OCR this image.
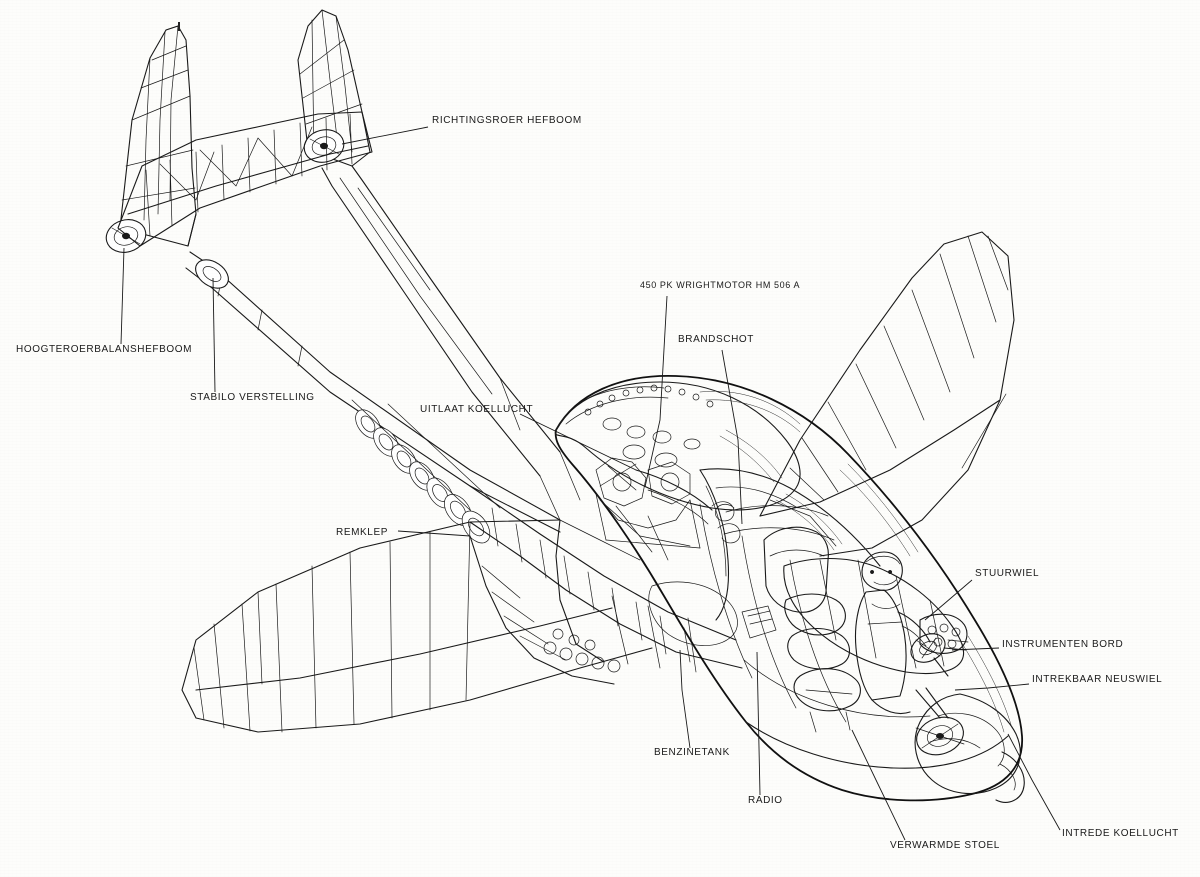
RICHTINGSROER HEFBOOM
HOOGTEROERBALANSHEFBOOM
STABILO VERSTELLING
UITLAAT KOELLUCHT
REMKLEP
450 PK WRIGHTMOTOR HM 506 A
BRANDSCHOT
BENZINETANK
RADIO
VERWARMDE STOEL
STUURWIEL
INSTRUMENTEN BORD
INTREKBAAR NEUSWIEL
INTREDE KOELLUCHT
